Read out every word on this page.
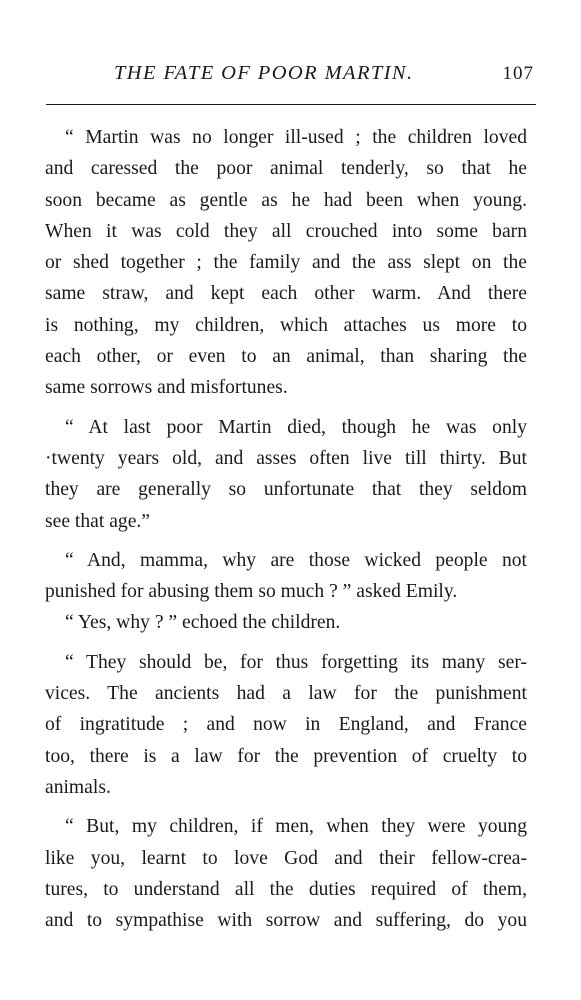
THE FATE OF POOR MARTIN.	107
“ Martin was no longer ill-used ; the children loved
and caressed the poor animal tenderly, so that he
soon became as gentle as he had been when young.
When it was cold they all crouched into some barn
or shed together ; the family and the ass slept on the
same straw, and kept each other warm. And there
is nothing, my children, which attaches us more to
each other, or even to an animal, than sharing the
same sorrows and misfortunes.
“ At last poor Martin died, though he was only
·twenty years old, and asses often live till thirty. But
they are generally so unfortunate that they seldom
see that age.”
“ And, mamma, why are those wicked people not
punished for abusing them so much ? ” asked Emily.
“ Yes, why ? ” echoed the children.
“ They should be, for thus forgetting its many ser-
vices. The ancients had a law for the punishment
of ingratitude ; and now in England, and France
too, there is a law for the prevention of cruelty to
animals.
“ But, my children, if men, when they were young
like you, learnt to love God and their fellow-crea-
tures, to understand all the duties required of them,
and to sympathise with sorrow and suffering, do you
